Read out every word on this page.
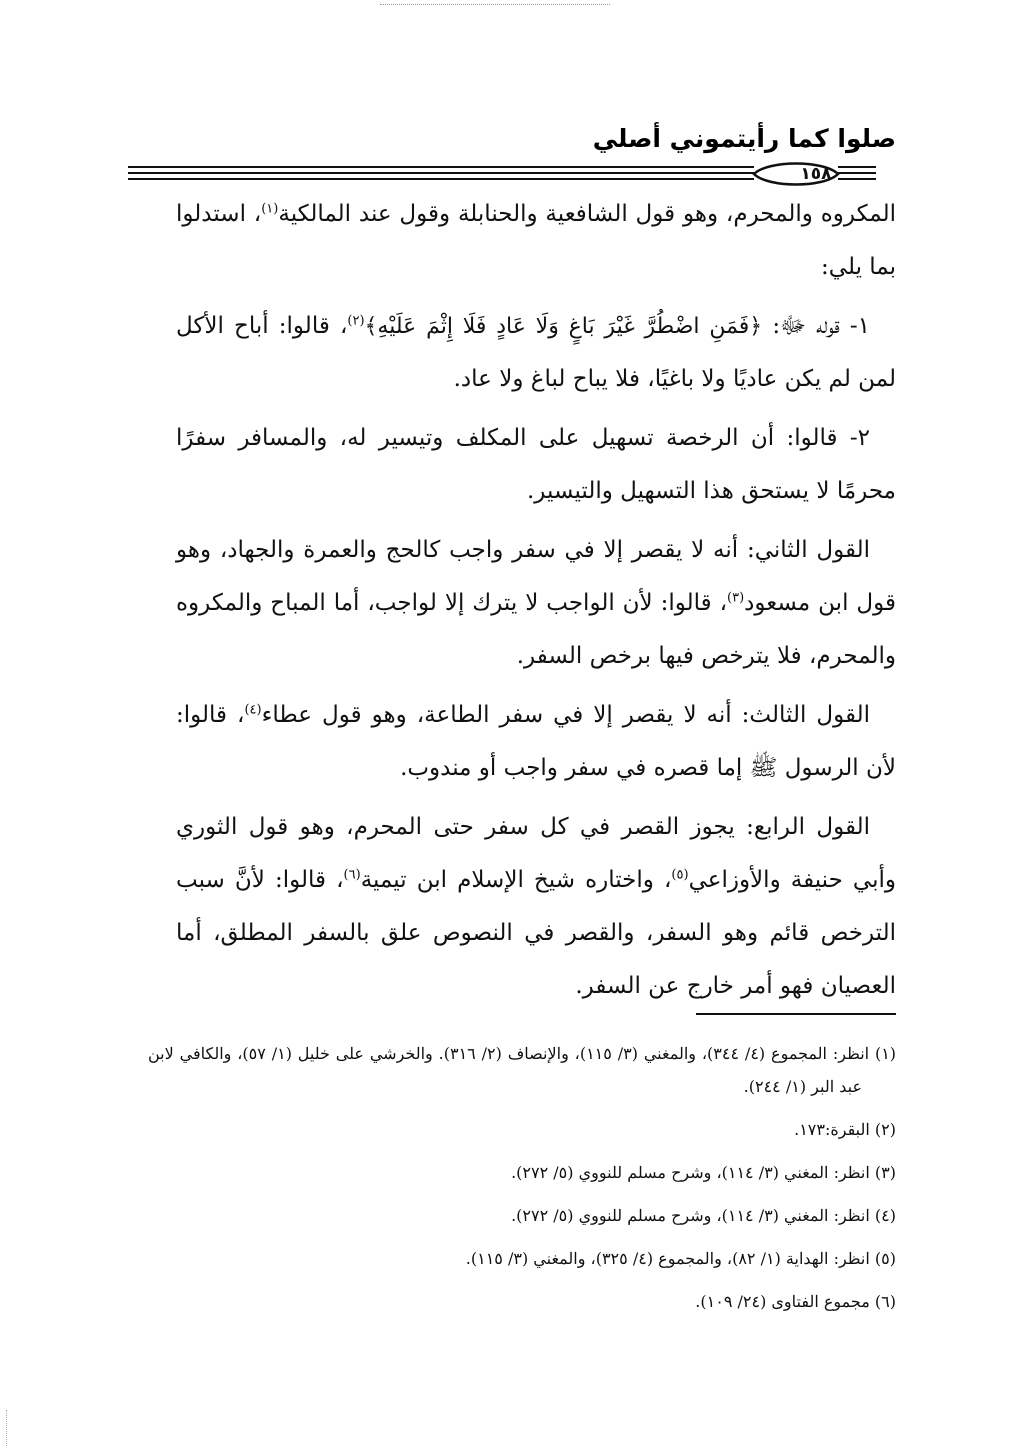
صلوا كما رأيتموني أصلي
١٥٨

المكروه والمحرم، وهو قول الشافعية والحنابلة وقول عند المالكية$^{(١)}$، استدلوا بما يلي:

١- قوله ﷻ: ﴿فَمَنِ اضْطُرَّ غَيْرَ بَاغٍ وَلَا عَادٍ فَلَا إِثْمَ عَلَيْهِ﴾$^{(٢)}$، قالوا: أباح الأكل لمن لم يكن عاديًا ولا باغيًا، فلا يباح لباغ ولا عاد.

٢- قالوا: أن الرخصة تسهيل على المكلف وتيسير له، والمسافر سفرًا محرمًا لا يستحق هذا التسهيل والتيسير.

القول الثاني: أنه لا يقصر إلا في سفر واجب كالحج والعمرة والجهاد، وهو قول ابن مسعود$^{(٣)}$، قالوا: لأن الواجب لا يترك إلا لواجب، أما المباح والمكروه والمحرم، فلا يترخص فيها برخص السفر.

القول الثالث: أنه لا يقصر إلا في سفر الطاعة، وهو قول عطاء$^{(٤)}$، قالوا: لأن الرسول ﷺ إما قصره في سفر واجب أو مندوب.

القول الرابع: يجوز القصر في كل سفر حتى المحرم، وهو قول الثوري وأبي حنيفة والأوزاعي$^{(٥)}$، واختاره شيخ الإسلام ابن تيمية$^{(٦)}$، قالوا: لأنَّ سبب الترخص قائم وهو السفر، والقصر في النصوص علق بالسفر المطلق، أما العصيان فهو أمر خارج عن السفر.

(١) انظر: المجموع (٤/ ٣٤٤)، والمغني (٣/ ١١٥)، والإنصاف (٢/ ٣١٦). والخرشي على خليل (١/ ٥٧)، والكافي لابن عبد البر (١/ ٢٤٤).

(٢) البقرة:١٧٣.

(٣) انظر: المغني (٣/ ١١٤)، وشرح مسلم للنووي (٥/ ٢٧٢).

(٤) انظر: المغني (٣/ ١١٤)، وشرح مسلم للنووي (٥/ ٢٧٢).

(٥) انظر: الهداية (١/ ٨٢)، والمجموع (٤/ ٣٢٥)، والمغني (٣/ ١١٥).

(٦) مجموع الفتاوى (٢٤/ ١٠٩).
